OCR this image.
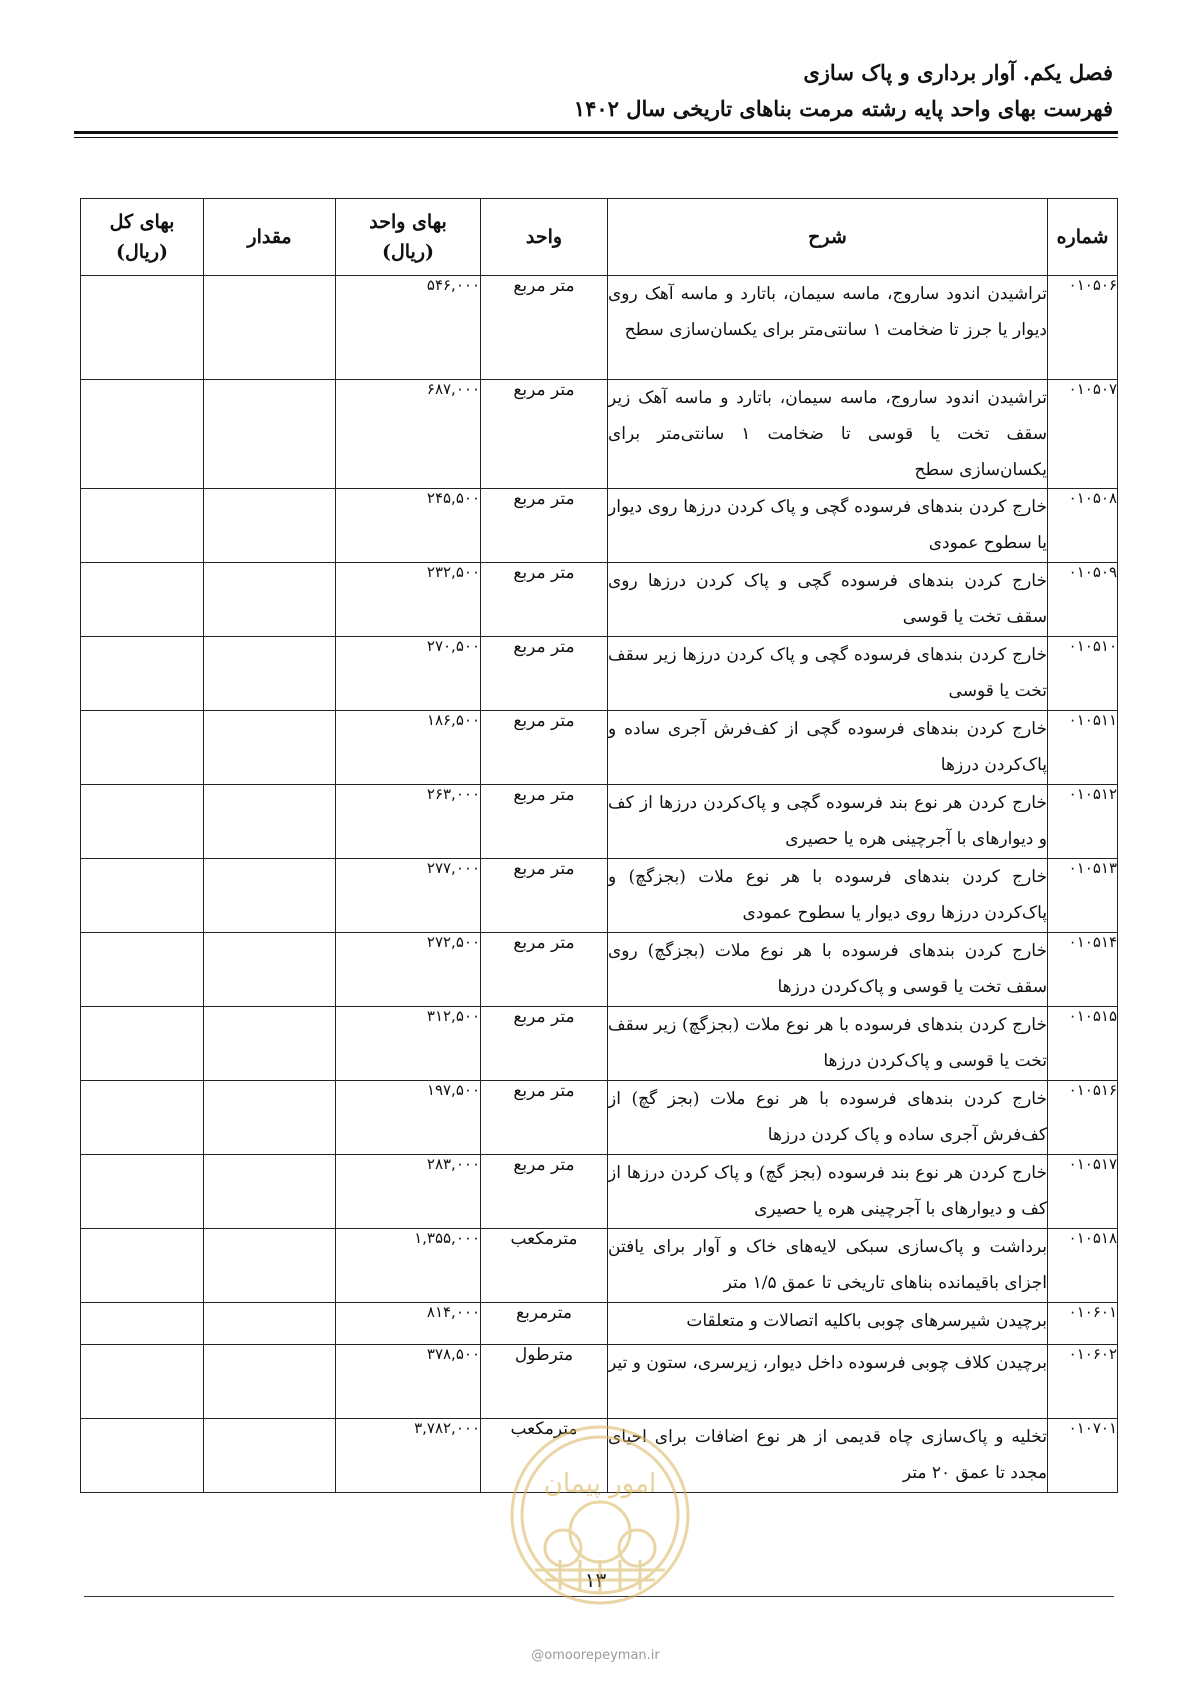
فصل یکم. آوار برداری و پاک سازی
فهرست بهای واحد پایه رشته مرمت بناهای تاریخی سال ۱۴۰۲
شماره	شرح	واحد	بهای واحد (ریال)	مقدار	بهای کل (ریال)
۰۱۰۵۰۶	تراشیدن اندود ساروج، ماسه سیمان، باتارد و ماسه آهک روی دیوار یا جرز تا ضخامت ۱ سانتی‌متر برای یکسان‌سازی سطح	متر مربع	۵۴۶,۰۰۰		
۰۱۰۵۰۷	تراشیدن اندود ساروج، ماسه سیمان، باتارد و ماسه آهک زیر سقف تخت یا قوسی تا ضخامت ۱ سانتی‌متر برای یکسان‌سازی سطح	متر مربع	۶۸۷,۰۰۰		
۰۱۰۵۰۸	خارج کردن بندهای فرسوده گچی و پاک کردن درزها روی دیوار یا سطوح عمودی	متر مربع	۲۴۵,۵۰۰		
۰۱۰۵۰۹	خارج کردن بندهای فرسوده گچی و پاک کردن درزها روی سقف تخت یا قوسی	متر مربع	۲۳۲,۵۰۰		
۰۱۰۵۱۰	خارج کردن بندهای فرسوده گچی و پاک کردن درزها زیر سقف تخت یا قوسی	متر مربع	۲۷۰,۵۰۰		
۰۱۰۵۱۱	خارج کردن بندهای فرسوده گچی از کف‌فرش آجری ساده و پاک‌کردن درزها	متر مربع	۱۸۶,۵۰۰		
۰۱۰۵۱۲	خارج کردن هر نوع بند فرسوده گچی و پاک‌کردن درزها از کف و دیوارهای با آجرچینی هره یا حصیری	متر مربع	۲۶۳,۰۰۰		
۰۱۰۵۱۳	خارج کردن بندهای فرسوده با هر نوع ملات (بجزگچ) و پاک‌کردن درزها روی دیوار یا سطوح عمودی	متر مربع	۲۷۷,۰۰۰		
۰۱۰۵۱۴	خارج کردن بندهای فرسوده با هر نوع ملات (بجزگچ) روی سقف تخت یا قوسی و پاک‌کردن درزها	متر مربع	۲۷۲,۵۰۰		
۰۱۰۵۱۵	خارج کردن بندهای فرسوده با هر نوع ملات (بجزگچ) زیر سقف تخت یا قوسی و پاک‌کردن درزها	متر مربع	۳۱۲,۵۰۰		
۰۱۰۵۱۶	خارج کردن بندهای فرسوده با هر نوع ملات (بجز گچ) از کف‌فرش آجری ساده و پاک کردن درزها	متر مربع	۱۹۷,۵۰۰		
۰۱۰۵۱۷	خارج کردن هر نوع بند فرسوده (بجز گچ) و پاک کردن درزها از کف و دیوارهای با آجرچینی هره یا حصیری	متر مربع	۲۸۳,۰۰۰		
۰۱۰۵۱۸	برداشت و پاک‌سازی سبکی لایه‌های خاک و آوار برای یافتن اجزای باقیمانده بناهای تاریخی تا عمق ۱/۵ متر	مترمکعب	۱,۳۵۵,۰۰۰		
۰۱۰۶۰۱	برچیدن شیرسرهای چوبی باکلیه اتصالات و متعلقات	مترمربع	۸۱۴,۰۰۰		
۰۱۰۶۰۲	برچیدن کلاف چوبی فرسوده داخل دیوار، زیرسری، ستون و تیر	مترطول	۳۷۸,۵۰۰		
۰۱۰۷۰۱	تخلیه و پاک‌سازی چاه قدیمی از هر نوع اضافات برای احیای مجدد تا عمق ۲۰ متر	مترمکعب	۳,۷۸۲,۰۰۰		
۱۳
امور پیمان
@omoorepeyman.ir
